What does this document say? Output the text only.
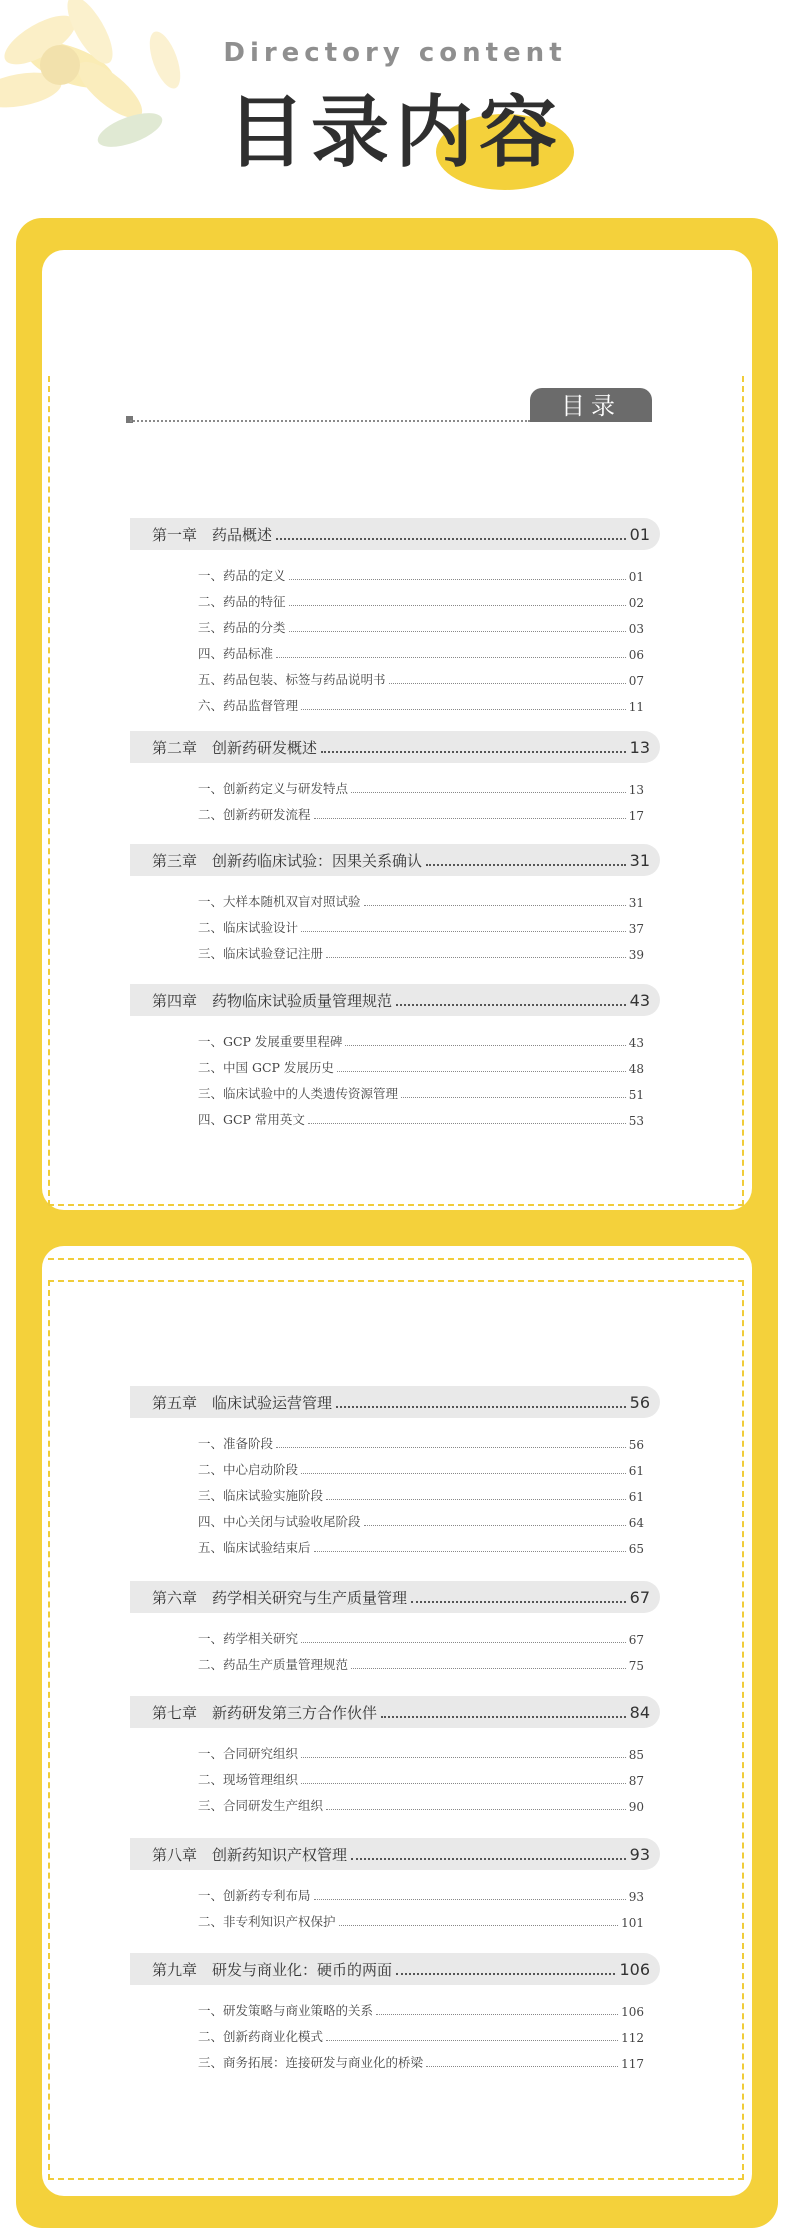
Directory content
目录内容
目录
第一章　药品概述	01
一、药品的定义	01
二、药品的特征	02
三、药品的分类	03
四、药品标准	06
五、药品包装、标签与药品说明书	07
六、药品监督管理	11
第二章　创新药研发概述	13
一、创新药定义与研发特点	13
二、创新药研发流程	17
第三章　创新药临床试验：因果关系确认	31
一、大样本随机双盲对照试验	31
二、临床试验设计	37
三、临床试验登记注册	39
第四章　药物临床试验质量管理规范	43
一、GCP 发展重要里程碑	43
二、中国 GCP 发展历史	48
三、临床试验中的人类遗传资源管理	51
四、GCP 常用英文	53
第五章　临床试验运营管理	56
一、准备阶段	56
二、中心启动阶段	61
三、临床试验实施阶段	61
四、中心关闭与试验收尾阶段	64
五、临床试验结束后	65
第六章　药学相关研究与生产质量管理	67
一、药学相关研究	67
二、药品生产质量管理规范	75
第七章　新药研发第三方合作伙伴	84
一、合同研究组织	85
二、现场管理组织	87
三、合同研发生产组织	90
第八章　创新药知识产权管理	93
一、创新药专利布局	93
二、非专利知识产权保护	101
第九章　研发与商业化：硬币的两面	106
一、研发策略与商业策略的关系	106
二、创新药商业化模式	112
三、商务拓展：连接研发与商业化的桥梁	117
